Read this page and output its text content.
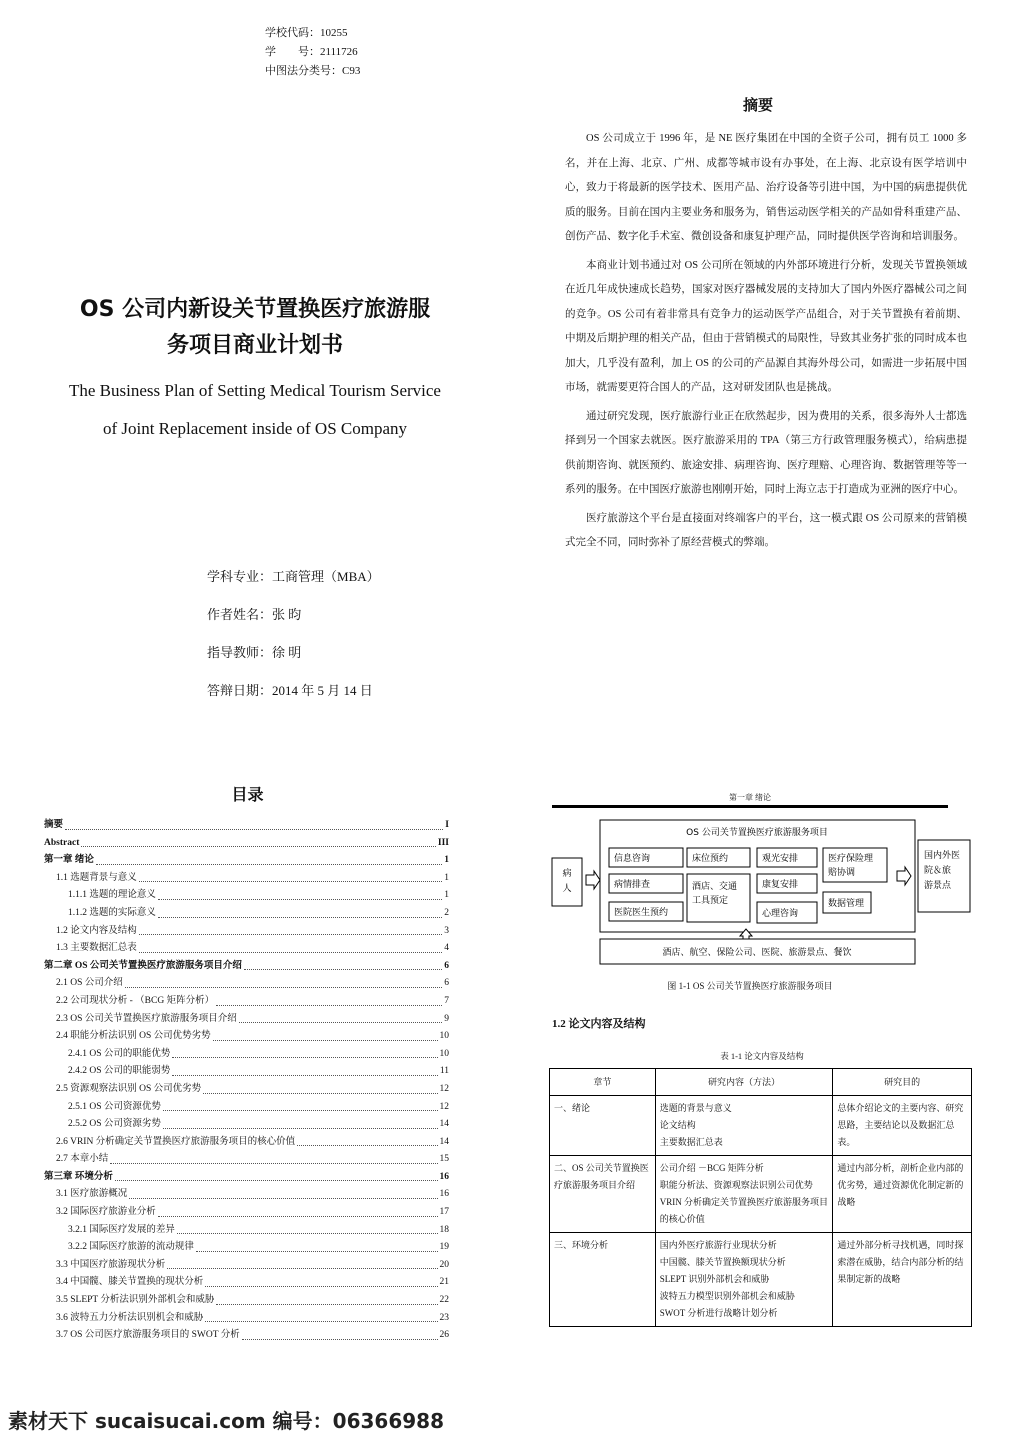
学校代码：10255
学　　号：2111726
中图法分类号：C93
OS 公司内新设关节置换医疗旅游服
务项目商业计划书
The Business Plan of Setting Medical Tourism Service
of Joint Replacement inside of OS Company
学科专业：工商管理（MBA）
作者姓名：张 昀
指导教师：徐 明
答辩日期：2014 年 5 月 14 日
摘要

OS 公司成立于 1996 年，是 NE 医疗集团在中国的全资子公司，拥有员工 1000 多名，并在上海、北京、广州、成都等城市设有办事处，在上海、北京设有医学培训中心，致力于将最新的医学技术、医用产品、治疗设备等引进中国，为中国的病患提供优质的服务。目前在国内主要业务和服务为，销售运动医学相关的产品如骨科重建产品、创伤产品、数字化手术室、微创设备和康复护理产品，同时提供医学咨询和培训服务。

本商业计划书通过对 OS 公司所在领域的内外部环境进行分析，发现关节置换领域在近几年成快速成长趋势，国家对医疗器械发展的支持加大了国内外医疗器械公司之间的竞争。OS 公司有着非常具有竞争力的运动医学产品组合，对于关节置换有着前期、中期及后期护理的相关产品，但由于营销模式的局限性，导致其业务扩张的同时成本也加大，几乎没有盈利，加上 OS 的公司的产品源自其海外母公司，如需进一步拓展中国市场，就需要更符合国人的产品，这对研发团队也是挑战。

通过研究发现，医疗旅游行业正在欣然起步，因为费用的关系，很多海外人士都选择到另一个国家去就医。医疗旅游采用的 TPA（第三方行政管理服务模式），给病患提供前期咨询、就医预约、旅途安排、病理咨询、医疗理赔、心理咨询、数据管理等等一系列的服务。在中国医疗旅游也刚刚开始，同时上海立志于打造成为亚洲的医疗中心。

医疗旅游这个平台是直接面对终端客户的平台，这一模式跟 OS 公司原来的营销模式完全不同，同时弥补了原经营模式的弊端。

目录
摘要	I
Abstract	III
第一章 绪论	1
1.1 选题背景与意义	1
1.1.1 选题的理论意义	1
1.1.2 选题的实际意义	2
1.2 论文内容及结构	3
1.3 主要数据汇总表	4
第二章 OS 公司关节置换医疗旅游服务项目介绍	6
2.1 OS 公司介绍	6
2.2 公司现状分析 - （BCG 矩阵分析）	7
2.3 OS 公司关节置换医疗旅游服务项目介绍	9
2.4 职能分析法识别 OS 公司优势劣势	10
2.4.1 OS 公司的职能优势	10
2.4.2 OS 公司的职能弱势	11
2.5 资源观察法识别 OS 公司优劣势	12
2.5.1 OS 公司资源优势	12
2.5.2 OS 公司资源劣势	14
2.6 VRIN 分析确定关节置换医疗旅游服务项目的核心价值	14
2.7 本章小结	15
第三章 环境分析	16
3.1 医疗旅游概况	16
3.2 国际医疗旅游业分析	17
3.2.1 国际医疗发展的差异	18
3.2.2 国际医疗旅游的流动规律	19
3.3 中国医疗旅游现状分析	20
3.4 中国髋、膝关节置换的现状分析	21
3.5 SLEPT 分析法识别外部机会和威胁	22
3.6 波特五力分析法识别机会和威胁	23
3.7 OS 公司医疗旅游服务项目的 SWOT 分析	26
第一章 绪论
病
人
OS 公司关节置换医疗旅游服务项目
信息咨询
病情排查
医院医生预约
床位预约
酒店、交通
工具预定
观光安排
康复安排
心理咨询
医疗保险理
赔协调
数据管理
国内外医
院＆旅
游景点
酒店、航空、保险公司、医院、旅游景点、餐饮
图 1-1 OS 公司关节置换医疗旅游服务项目
1.2 论文内容及结构
表 1-1 论文内容及结构
章节	研究内容（方法）	研究目的
一、绪论	选题的背景与意义
论文结构
主要数据汇总表	总体介绍论文的主要内容、研究思路，主要结论以及数据汇总表。
二、OS 公司关节置换医疗旅游服务项目介绍	公司介绍 －BCG 矩阵分析
职能分析法、资源观察法识别公司优势
VRIN 分析确定关节置换医疗旅游服务项目的核心价值	通过内部分析，剖析企业内部的优劣势，通过资源优化制定新的战略
三、环境分析	国内外医疗旅游行业现状分析
中国髋、膝关节置换额现状分析
SLEPT 识别外部机会和威胁
波特五力模型识别外部机会和威胁
SWOT 分析进行战略计划分析	通过外部分析寻找机遇，同时探索潜在威胁，结合内部分析的结果制定新的战略
素材天下 sucaisucai.com 编号：06366988
